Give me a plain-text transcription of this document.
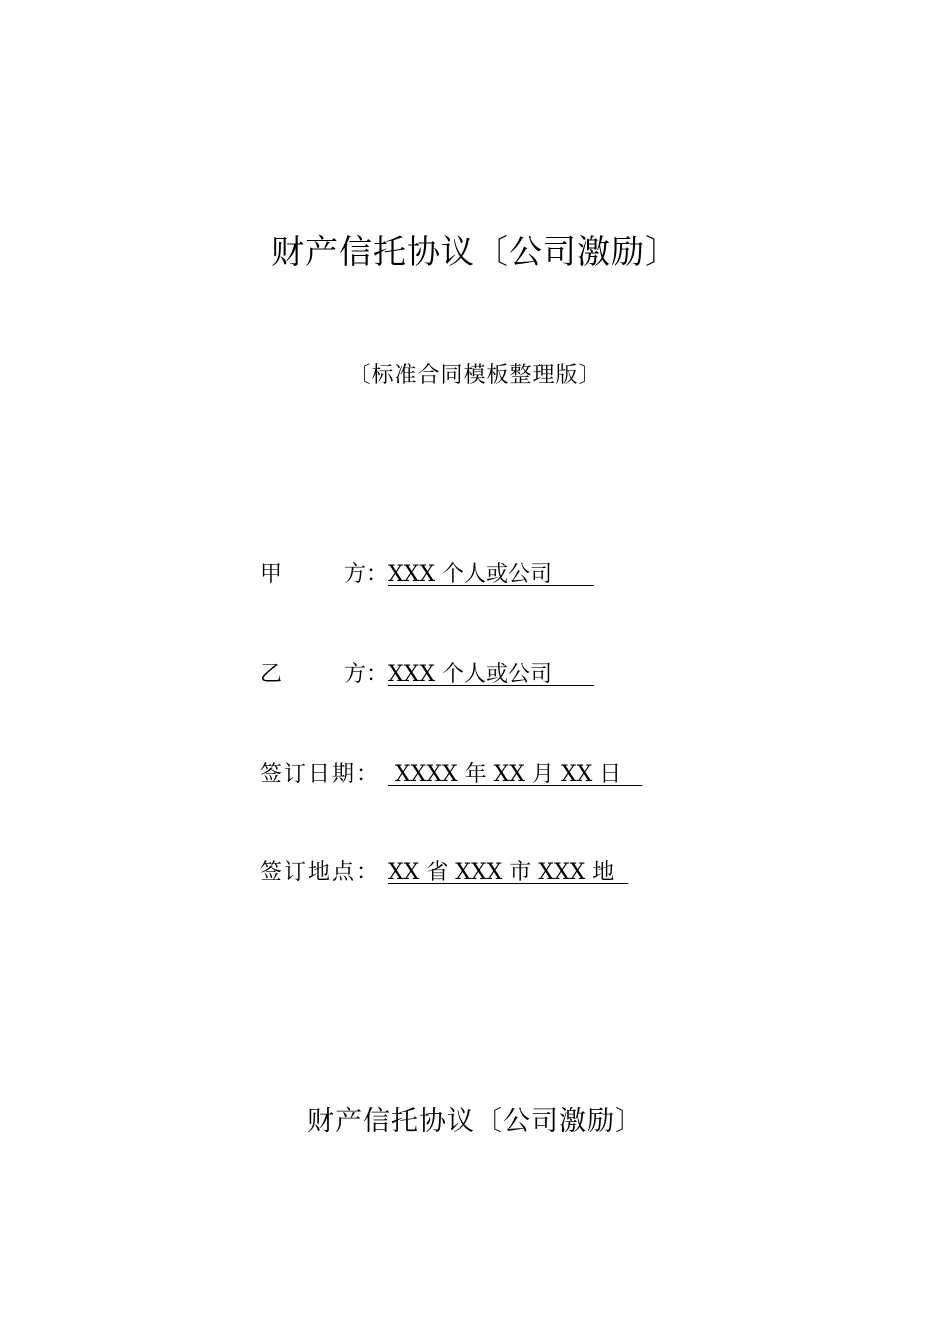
财产信托协议〔公司激励〕
〔标准合同模板整理版〕
甲	方： XXX 个人或公司
乙	方： XXX 个人或公司
签订日期： XXXX 年 XX 月 XX 日
签订地点： XX 省 XXX 市 XXX 地
财产信托协议〔公司激励〕
